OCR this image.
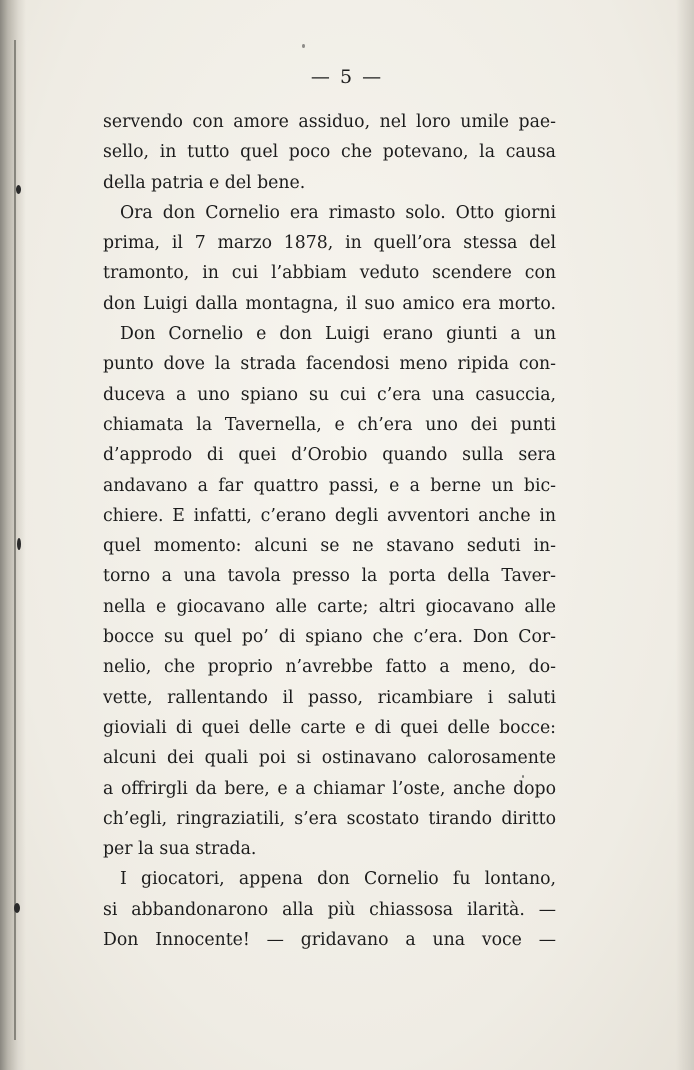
— 5 —
servendo con amore assiduo, nel loro umile pae-
sello, in tutto quel poco che potevano, la causa
della patria e del bene.
Ora don Cornelio era rimasto solo. Otto giorni
prima, il 7 marzo 1878, in quell’ora stessa del
tramonto, in cui l’abbiam veduto scendere con
don Luigi dalla montagna, il suo amico era morto.
Don Cornelio e don Luigi erano giunti a un
punto dove la strada facendosi meno ripida con-
duceva a uno spiano su cui c’era una casuccia,
chiamata la Tavernella, e ch’era uno dei punti
d’approdo di quei d’Orobio quando sulla sera
andavano a far quattro passi, e a berne un bic-
chiere. E infatti, c’erano degli avventori anche in
quel momento: alcuni se ne stavano seduti in-
torno a una tavola presso la porta della Taver-
nella e giocavano alle carte; altri giocavano alle
bocce su quel po’ di spiano che c’era. Don Cor-
nelio, che proprio n’avrebbe fatto a meno, do-
vette, rallentando il passo, ricambiare i saluti
gioviali di quei delle carte e di quei delle bocce:
alcuni dei quali poi si ostinavano calorosamente
a offrirgli da bere, e a chiamar l’oste, anche dopo
ch’egli, ringraziatili, s’era scostato tirando diritto
per la sua strada.
I giocatori, appena don Cornelio fu lontano,
si abbandonarono alla più chiassosa ilarità. —
Don Innocente! — gridavano a una voce —
